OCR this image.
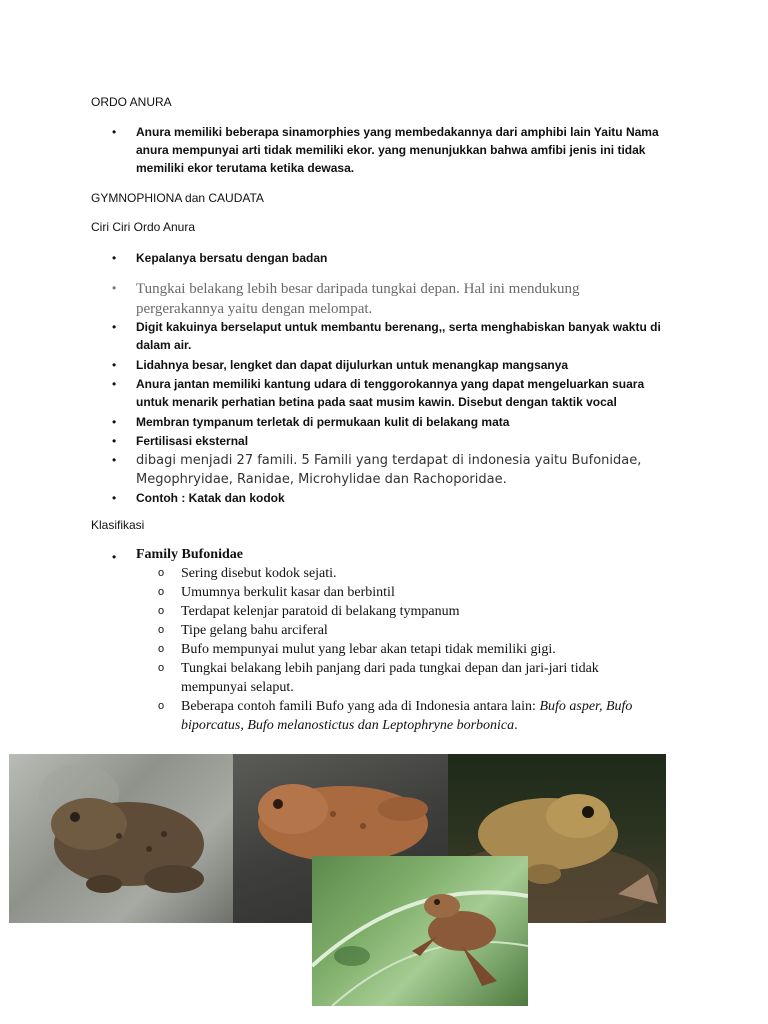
ORDO ANURA
• Anura memiliki beberapa sinamorphies yang membedakannya dari amphibi lain Yaitu Nama anura mempunyai arti tidak memiliki ekor. yang menunjukkan bahwa amfibi jenis ini tidak memiliki ekor terutama ketika dewasa.
GYMNOPHIONA dan CAUDATA
Ciri Ciri Ordo Anura
• Kepalanya bersatu dengan badan
• Tungkai belakang lebih besar daripada tungkai depan. Hal ini mendukung pergerakannya yaitu dengan melompat.
• Digit kakuinya berselaput untuk membantu berenang,, serta menghabiskan banyak waktu di dalam air.
• Lidahnya besar, lengket dan dapat dijulurkan untuk menangkap mangsanya
• Anura jantan memiliki kantung udara di tenggorokannya yang dapat mengeluarkan suara untuk menarik perhatian betina pada saat musim kawin. Disebut dengan taktik vocal
• Membran tympanum terletak di permukaan kulit di belakang mata
• Fertilisasi eksternal
• dibagi menjadi 27 famili. 5 Famili yang terdapat di indonesia yaitu Bufonidae, Megophryidae, Ranidae, Microhylidae dan Rachoporidae.
• Contoh : Katak dan kodok
Klasifikasi
• Family Bufonidae
o Sering disebut kodok sejati.
o Umumnya berkulit kasar dan berbintil
o Terdapat kelenjar paratoid di belakang tympanum
o Tipe gelang bahu arciferal
o Bufo mempunyai mulut yang lebar akan tetapi tidak memiliki gigi.
o Tungkai belakang lebih panjang dari pada tungkai depan dan jari-jari tidak mempunyai selaput.
o Beberapa contoh famili Bufo yang ada di Indonesia antara lain: Bufo asper, Bufo biporcatus, Bufo melanostictus dan Leptophryne borbonica.
